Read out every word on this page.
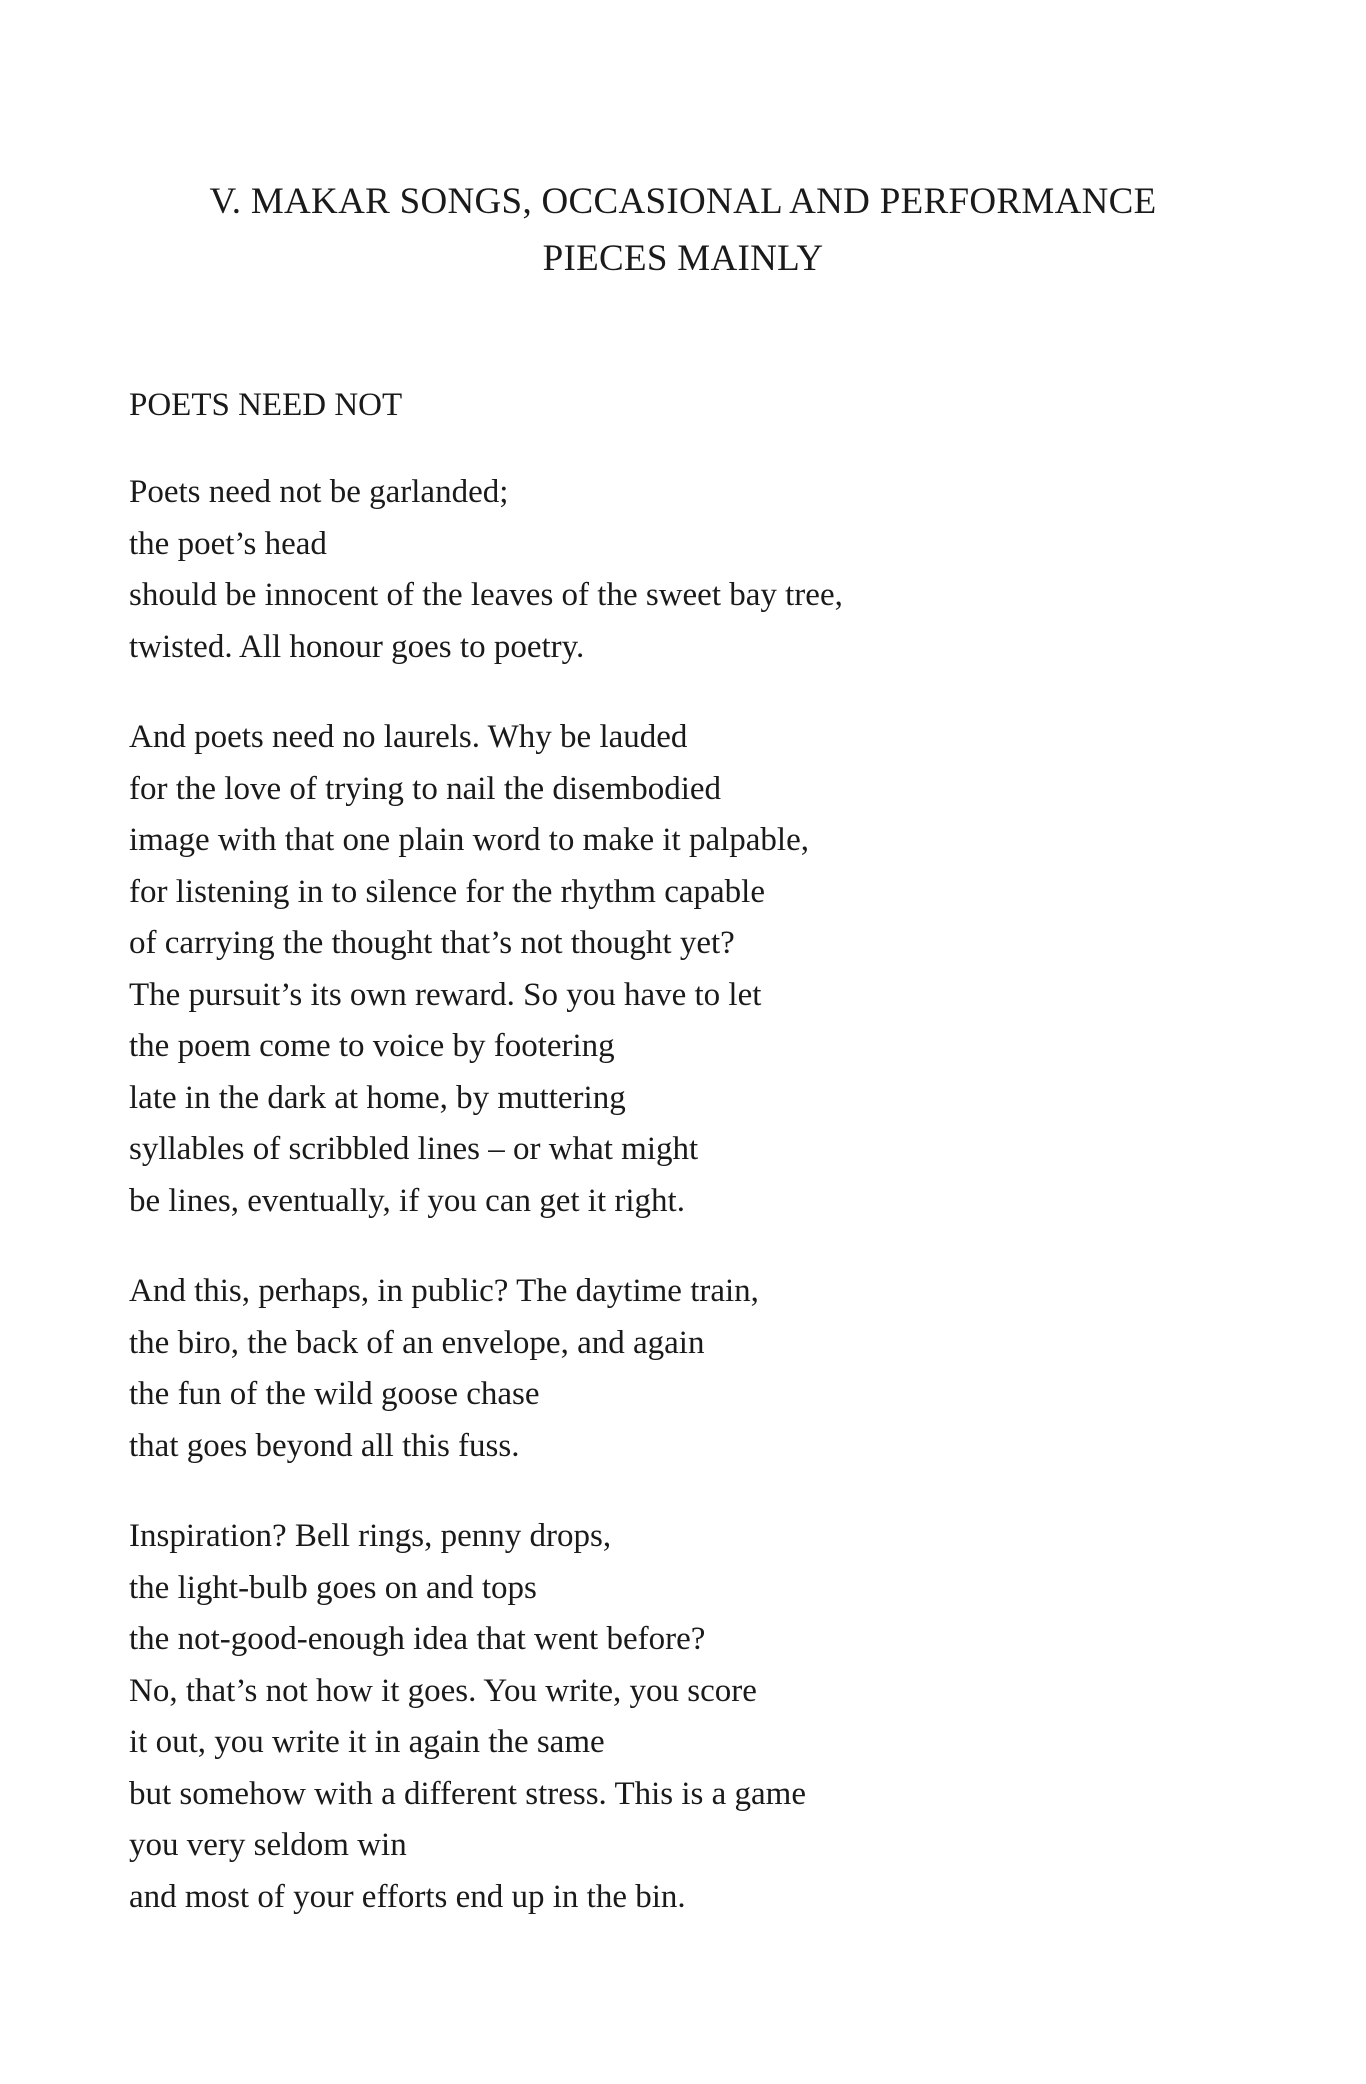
V. MAKAR SONGS, OCCASIONAL AND PERFORMANCE
PIECES MAINLY
POETS NEED NOT
Poets need not be garlanded;
the poet’s head
should be innocent of the leaves of the sweet bay tree,
twisted. All honour goes to poetry.
And poets need no laurels. Why be lauded
for the love of trying to nail the disembodied
image with that one plain word to make it palpable,
for listening in to silence for the rhythm capable
of carrying the thought that’s not thought yet?
The pursuit’s its own reward. So you have to let
the poem come to voice by footering
late in the dark at home, by muttering
syllables of scribbled lines – or what might
be lines, eventually, if you can get it right.
And this, perhaps, in public? The daytime train,
the biro, the back of an envelope, and again
the fun of the wild goose chase
that goes beyond all this fuss.
Inspiration? Bell rings, penny drops,
the light-bulb goes on and tops
the not-good-enough idea that went before?
No, that’s not how it goes. You write, you score
it out, you write it in again the same
but somehow with a different stress. This is a game
you very seldom win
and most of your efforts end up in the bin.
